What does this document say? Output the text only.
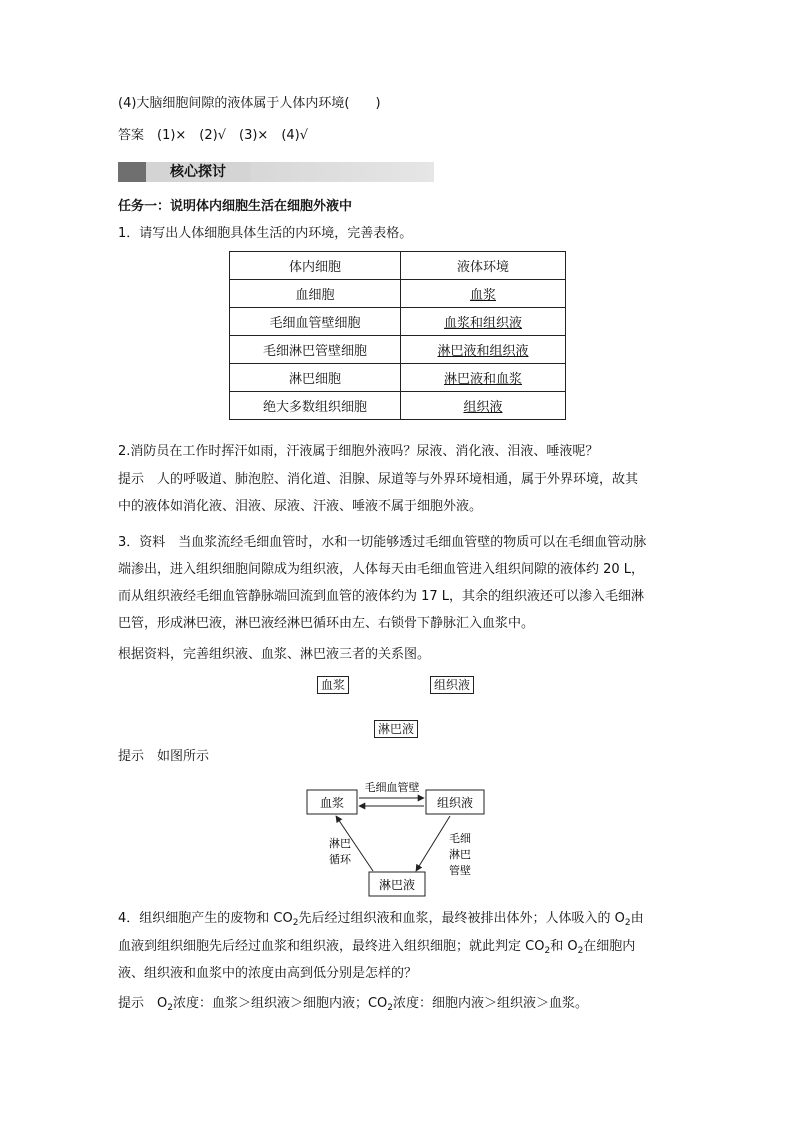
(4)大脑细胞间隙的液体属于人体内环境(　　)
答案　(1)×　(2)√　(3)×　(4)√
核心探讨
任务一：说明体内细胞生活在细胞外液中
1．请写出人体细胞具体生活的内环境，完善表格。
体内细胞	液体环境
血细胞	血浆
毛细血管壁细胞	血浆和组织液
毛细淋巴管壁细胞	淋巴液和组织液
淋巴细胞	淋巴液和血浆
绝大多数组织细胞	组织液
2.消防员在工作时挥汗如雨，汗液属于细胞外液吗？尿液、消化液、泪液、唾液呢？
提示　人的呼吸道、肺泡腔、消化道、泪腺、尿道等与外界环境相通，属于外界环境，故其
中的液体如消化液、泪液、尿液、汗液、唾液不属于细胞外液。
3．资料　当血浆流经毛细血管时，水和一切能够透过毛细血管壁的物质可以在毛细血管动脉
端渗出，进入组织细胞间隙成为组织液，人体每天由毛细血管进入组织间隙的液体约 20 L，
而从组织液经毛细血管静脉端回流到血管的液体约为 17 L，其余的组织液还可以渗入毛细淋
巴管，形成淋巴液，淋巴液经淋巴循环由左、右锁骨下静脉汇入血浆中。
根据资料，完善组织液、血浆、淋巴液三者的关系图。
血浆	组织液
淋巴液
提示　如图所示
血浆	组织液
淋巴液
毛细血管壁
淋巴
循环
毛细
淋巴
管壁
4．组织细胞产生的废物和 $CO_2$先后经过组织液和血浆，最终被排出体外；人体吸入的 $O_2$由
血液到组织细胞先后经过血浆和组织液，最终进入组织细胞；就此判定 $CO_2$和 $O_2$在细胞内
液、组织液和血浆中的浓度由高到低分别是怎样的？
提示　$O_2$浓度：血浆＞组织液＞细胞内液；$CO_2$浓度：细胞内液＞组织液＞血浆。
